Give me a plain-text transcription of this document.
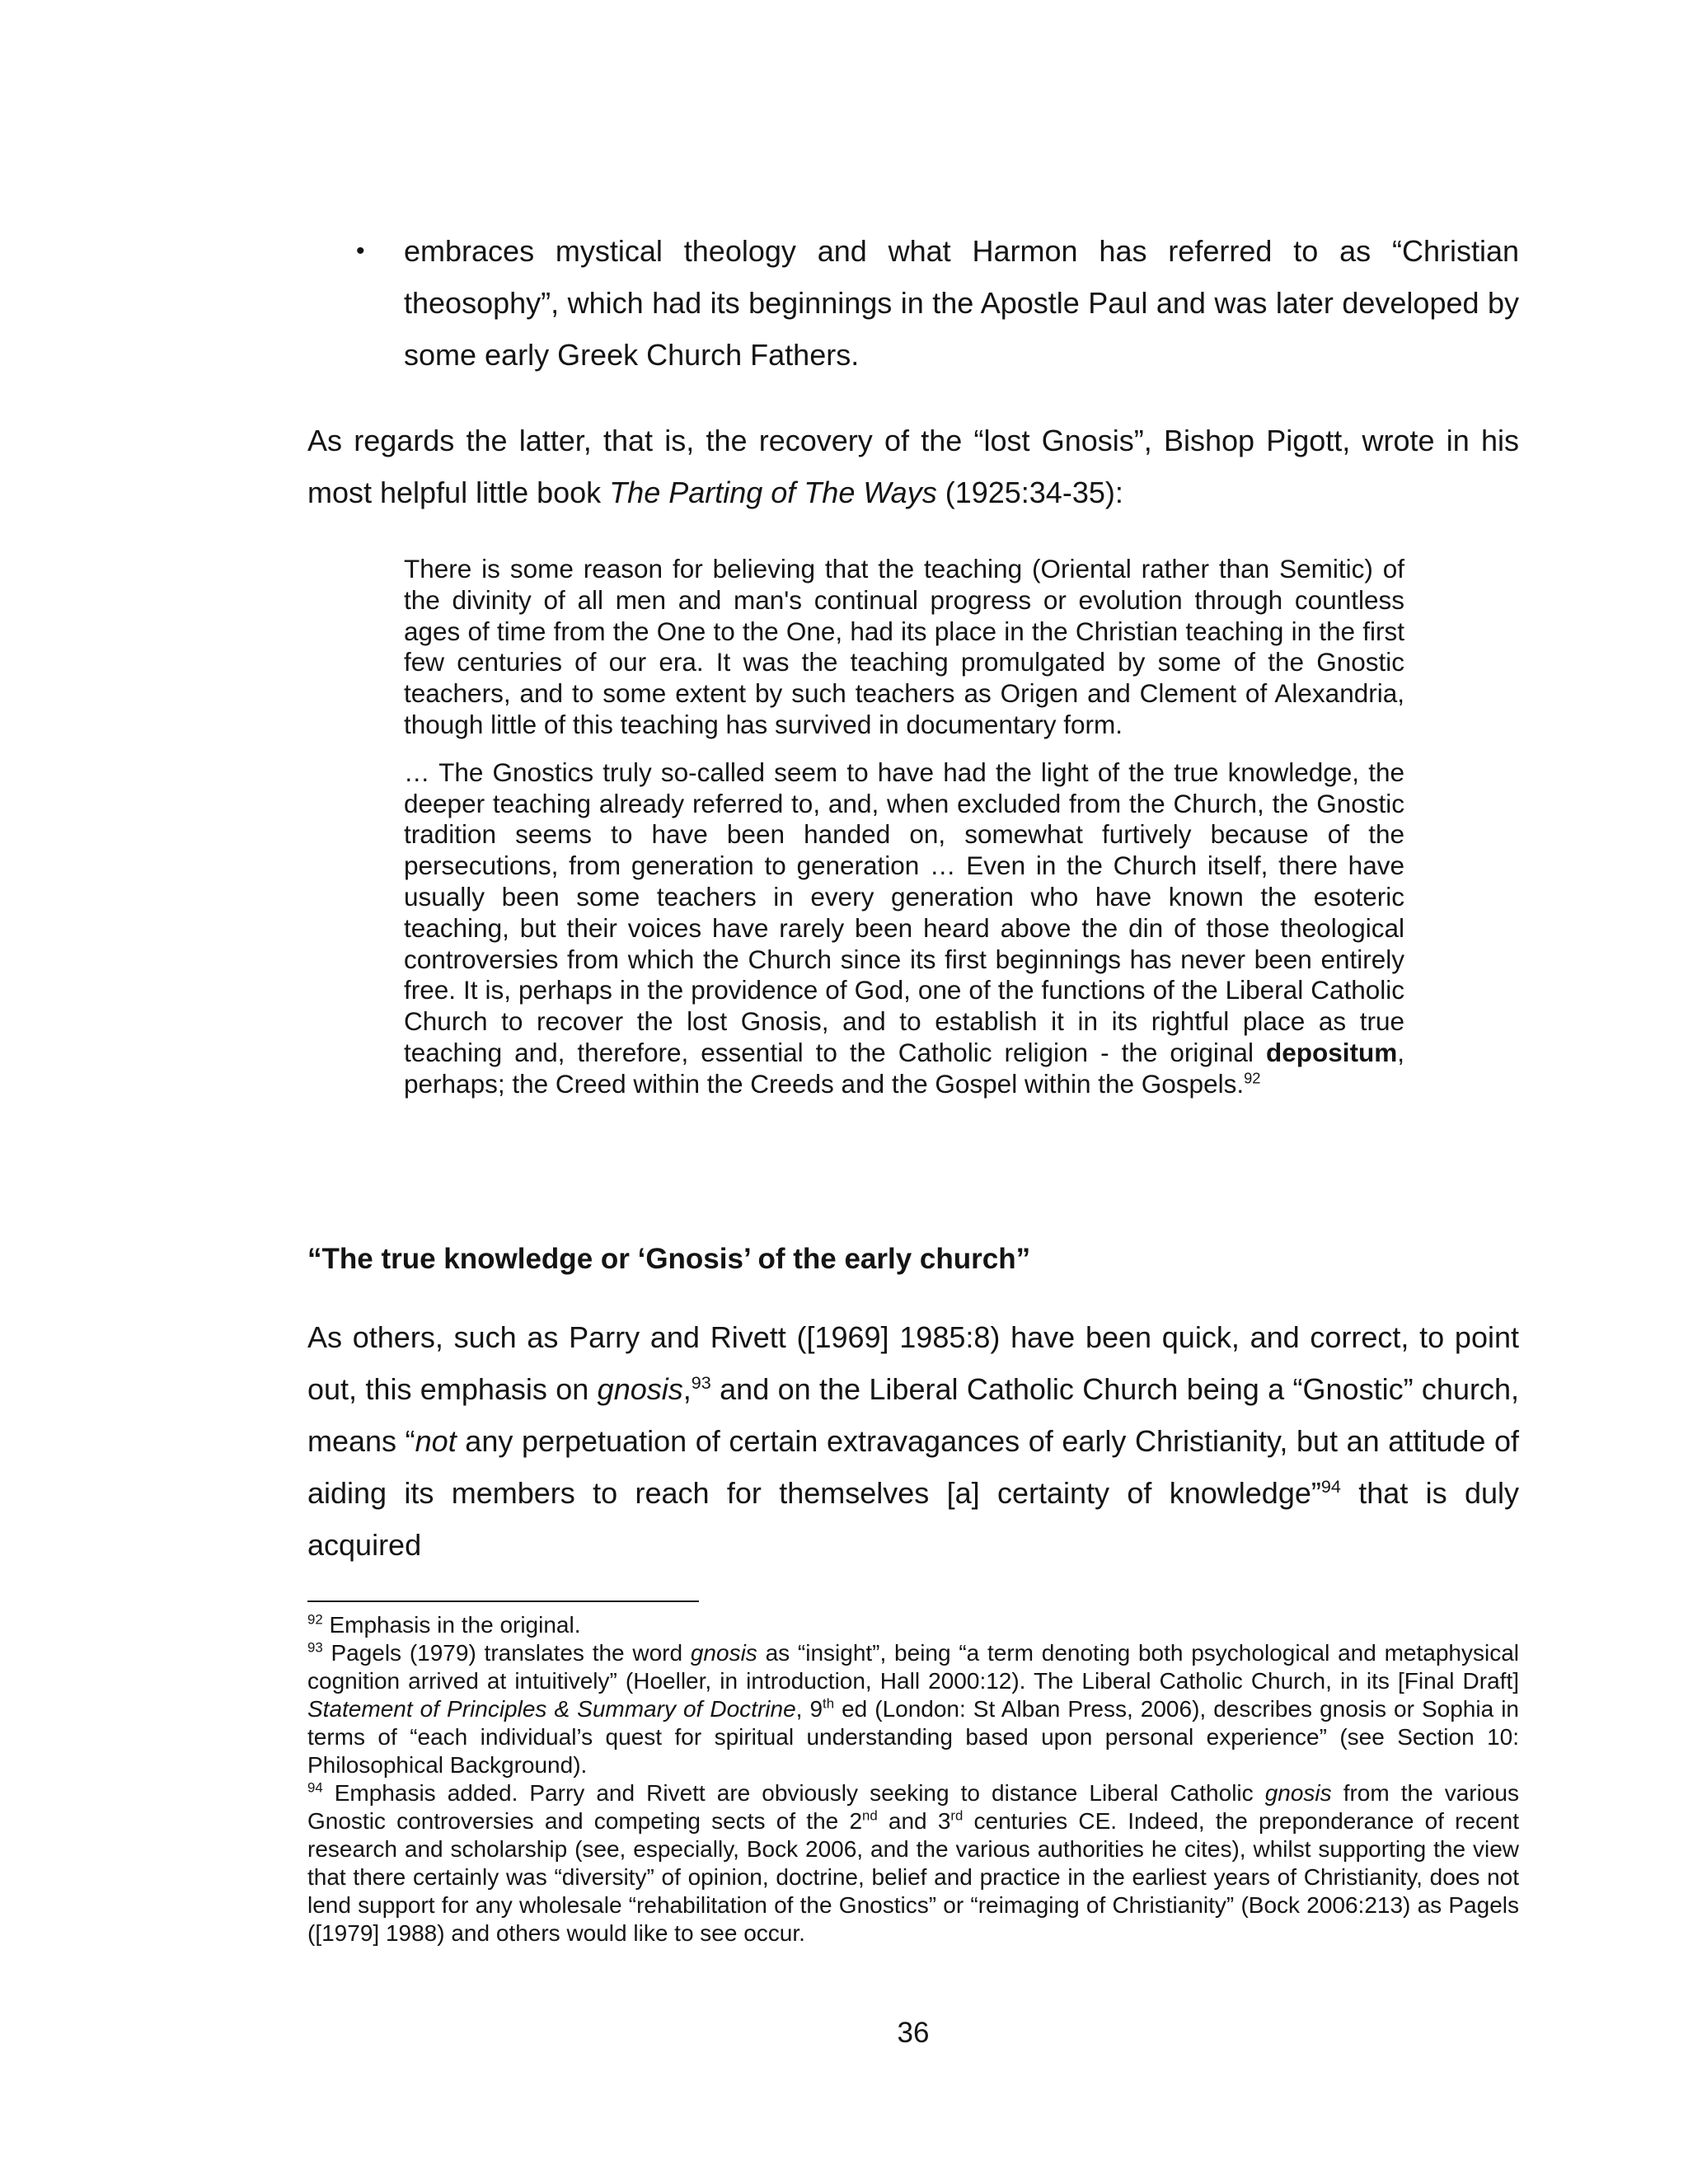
• embraces mystical theology and what Harmon has referred to as “Christian theosophy”, which had its beginnings in the Apostle Paul and was later developed by some early Greek Church Fathers.

As regards the latter, that is, the recovery of the “lost Gnosis”, Bishop Pigott, wrote in his most helpful little book The Parting of The Ways (1925:34-35):

There is some reason for believing that the teaching (Oriental rather than Semitic) of the divinity of all men and man's continual progress or evolution through countless ages of time from the One to the One, had its place in the Christian teaching in the first few centuries of our era. It was the teaching promulgated by some of the Gnostic teachers, and to some extent by such teachers as Origen and Clement of Alexandria, though little of this teaching has survived in documentary form.

… The Gnostics truly so-called seem to have had the light of the true knowledge, the deeper teaching already referred to, and, when excluded from the Church, the Gnostic tradition seems to have been handed on, somewhat furtively because of the persecutions, from generation to generation … Even in the Church itself, there have usually been some teachers in every generation who have known the esoteric teaching, but their voices have rarely been heard above the din of those theological controversies from which the Church since its first beginnings has never been entirely free. It is, perhaps in the providence of God, one of the functions of the Liberal Catholic Church to recover the lost Gnosis, and to establish it in its rightful place as true teaching and, therefore, essential to the Catholic religion - the original depositum, perhaps; the Creed within the Creeds and the Gospel within the Gospels.$^{92}$

“The true knowledge or ‘Gnosis’ of the early church”

As others, such as Parry and Rivett ([1969] 1985:8) have been quick, and correct, to point out, this emphasis on gnosis,$^{93}$ and on the Liberal Catholic Church being a “Gnostic” church, means “not any perpetuation of certain extravagances of early Christianity, but an attitude of aiding its members to reach for themselves [a] certainty of knowledge”$^{94}$ that is duly acquired

$^{92}$ Emphasis in the original.

$^{93}$ Pagels (1979) translates the word gnosis as “insight”, being “a term denoting both psychological and metaphysical cognition arrived at intuitively” (Hoeller, in introduction, Hall 2000:12). The Liberal Catholic Church, in its [Final Draft] Statement of Principles & Summary of Doctrine, 9th ed (London: St Alban Press, 2006), describes gnosis or Sophia in terms of “each individual’s quest for spiritual understanding based upon personal experience” (see Section 10: Philosophical Background).

$^{94}$ Emphasis added. Parry and Rivett are obviously seeking to distance Liberal Catholic gnosis from the various Gnostic controversies and competing sects of the 2nd and 3rd centuries CE. Indeed, the preponderance of recent research and scholarship (see, especially, Bock 2006, and the various authorities he cites), whilst supporting the view that there certainly was “diversity” of opinion, doctrine, belief and practice in the earliest years of Christianity, does not lend support for any wholesale “rehabilitation of the Gnostics” or “reimaging of Christianity” (Bock 2006:213) as Pagels ([1979] 1988) and others would like to see occur.

36
